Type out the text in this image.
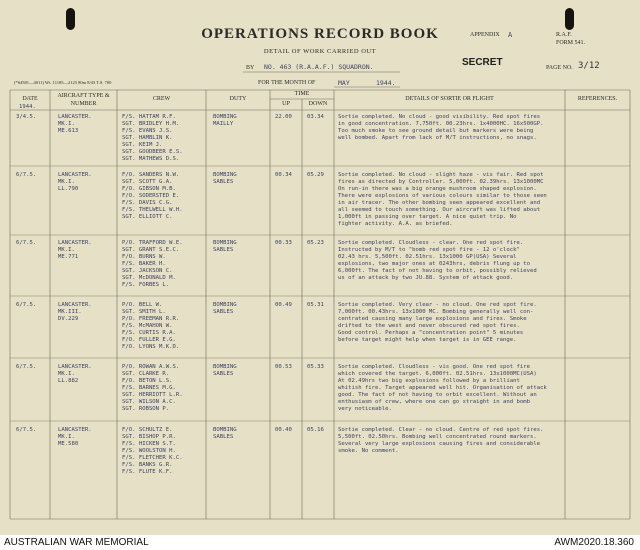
OPERATIONS RECORD BOOK
DETAIL OF WORK CARRIED OUT
APPENDIX A	R.A.F.
FORM 541.
BY NO. 463 (R.A.A.F.) SQUADRON.	SECRET	PAGE NO. 3/12
(*64581—4011) Wt. 11185—2125 80m 8/43 T.S. 700	FOR THE MONTH OF	MAY	1944.
DATE	AIRCRAFT TYPE & NUMBER
CREW	DUTY
TIME
UP	DOWN
DETAILS OF SORTIE OR FLIGHT	REFERENCES.
1944.
3/4.5.	LANCASTER.
MK.I.
ME.613
F/S. HATTAM R.F.
SGT. BRIDLEY H.M.
F/S. EVANS J.S.
SGT. HAMBLIN K.
SGT. KEIM J.
SGT. GOODBEER E.S.
SGT. MATHEWS D.S.
BOMBING
MAILLY
22.00	03.34	Sortie completed. No cloud - good visibility. Red spot fires
in good concentration. 7,750ft. 00.23hrs. 1x4000HC. 16x500GP.
Too much smoke to see ground detail but markers were being
well bombed. Apart from lack of M/T instructions, no snags.
6/7.5.	LANCASTER.
MK.I.
LL.790
F/O. SANDERS N.W.
SGT. SCOTT G.A.
F/O. GIBSON M.B.
F/O. SODERSTED E.
F/S. DAVIS C.G.
F/S. THELWELL W.H.
SGT. ELLIOTT C.
BOMBING
SABLES
00.34	05.29	Sortie completed. No cloud - slight haze - vis fair. Red spot
fires as directed by Controller. 5,000ft. 02.39hrs. 13x1000MC
On run-in there was a big orange mushroom shaped explosion.
There were explosions of various colours similar to those seen
in air tracer. The other bombing seen appeared excellent and
all seemed to touch something. Our aircraft was lifted about
1,000ft in passing over target. A nice quiet trip. No
fighter activity. A.A. as briefed.
6/7.5.	LANCASTER.
MK.I.
ME.771
P/O. TRAFFORD W.E.
SGT. GRANT S.E.C.
F/O. BURNS W.
F/S. BAKER H.
SGT. JACKSON C.
SGT. McDONALD M.
F/S. FORBES L.
BOMBING
SABLES
00.33	05.23	Sortie completed. Cloudless - clear. One red spot fire.
Instructed by M/T to "bomb red spot fire - 12 o'clock"
02.43 hrs. 5,500ft. 02.51hrs. 13x1000 GP(USA) Several
explosions, two major ones at 0243hrs, debris flung up to
6,000ft. The fact of not having to orbit, possibly relieved
us of an attack by two JU.88. System of attack good.
6/7.5.	LANCASTER.
MK.III.
DV.229
P/O. BELL W.
SGT. SMITH L.
P/O. FREEMAN R.R.
F/S. McMAHON W.
F/S. CURTIS R.A.
F/O. FULLER E.G.
F/O. LYONS M.K.D.
BOMBING
SABLES
00.49	05.31	Sortie completed. Very clear - no cloud. One red spot fire.
7,000ft. 00.43hrs. 13x1000 MC. Bombing generally well con-
centrated causing many large explosions and fires. Smoke
drifted to the west and never obscured red spot fires.
Good control. Perhaps a "concentration point" 5 minutes
before target might help when target is in GEE range.
6/7.5.	LANCASTER.
MK.I.
LL.882
P/O. ROWAN A.W.S.
SGT. CLARKE R.
F/O. BETON L.S.
F/S. BARNES M.G.
SGT. HERRIOTT L.R.
SGT. WILSON A.C.
SGT. ROBSON P.
BOMBING
SABLES
00.53	05.33	Sortie completed. Cloudless - vis good. One red spot fire
which covered the target. 6,000ft. 02.51hrs. 13x1000MC(USA)
At 02.49hrs two big explosions followed by a brilliant
whitish fire. Target appeared well hit. Organisation of attack
good. The fact of not having to orbit excellent. Without an
enthusiasm of crew, where one can go straight in and bomb
very noticeable.
6/7.5.	LANCASTER.
MK.I.
ME.580
F/O. SCHULTZ E.
SGT. BISHOP P.R.
F/S. HICKEN S.T.
F/S. WOOLSTON H.
F/S. FLETCHER K.C.
F/S. BANKS G.R.
F/S. FLUTE K.F.
BOMBING
SABLES
00.40	05.16	Sortie completed. Clear - no cloud. Centre of red spot fires.
5,500ft. 02.50hrs. Bombing well concentrated round markers.
Several very large explosions causing fires and considerable
smoke. No comment.
AUSTRALIAN WAR MEMORIAL	AWM2020.18.360
